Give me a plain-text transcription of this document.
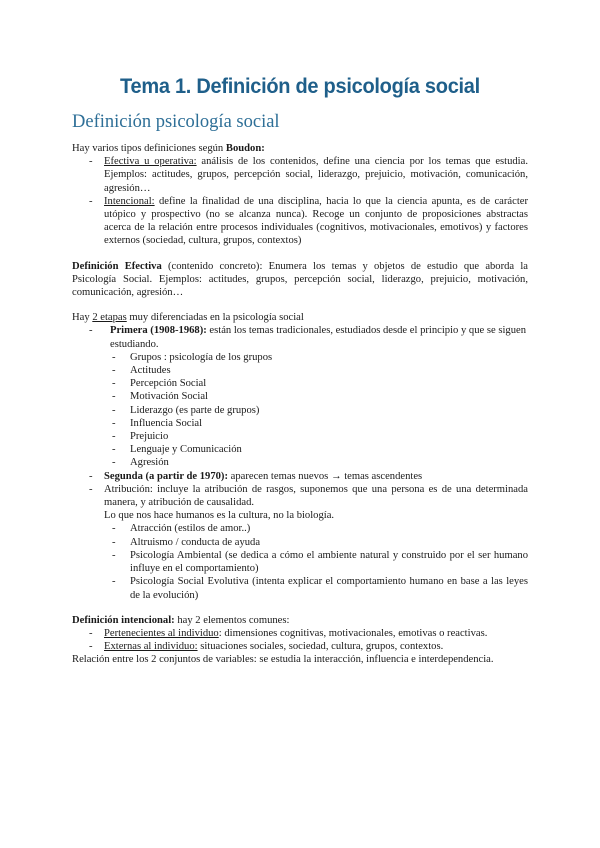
Tema 1. Definición de psicología social
Definición psicología social

Hay varios tipos definiciones según Boudon:

- Efectiva u operativa: análisis de los contenidos, define una ciencia por los temas que estudia. Ejemplos: actitudes, grupos, percepción social, liderazgo, prejuicio, motivación, comunicación, agresión…
- Intencional: define la finalidad de una disciplina, hacia lo que la ciencia apunta, es de carácter utópico y prospectivo (no se alcanza nunca). Recoge un conjunto de proposiciones abstractas acerca de la relación entre procesos individuales (cognitivos, motivacionales, emotivos) y factores externos (sociedad, cultura, grupos, contextos)

Definición Efectiva (contenido concreto): Enumera los temas y objetos de estudio que aborda la Psicología Social. Ejemplos: actitudes, grupos, percepción social, liderazgo, prejuicio, motivación, comunicación, agresión…

Hay 2 etapas muy diferenciadas en la psicología social

- Primera (1908-1968): están los temas tradicionales, estudiados desde el principio y que se siguen estudiando.
- Grupos : psicología de los grupos
- Actitudes
- Percepción Social
- Motivación Social
- Liderazgo (es parte de grupos)
- Influencia Social
- Prejuicio
- Lenguaje y Comunicación
- Agresión
- Segunda (a partir de 1970): aparecen temas nuevos → temas ascendentes
- Atribución: incluye la atribución de rasgos, suponemos que una persona es de una determinada manera, y atribución de causalidad.

Lo que nos hace humanos es la cultura, no la biología.

- Atracción (estilos de amor..)
- Altruismo / conducta de ayuda
- Psicología Ambiental (se dedica a cómo el ambiente natural y construido por el ser humano influye en el comportamiento)
- Psicología Social Evolutiva (intenta explicar el comportamiento humano en base a las leyes de la evolución)

Definición intencional: hay 2 elementos comunes:

- Pertenecientes al individuo: dimensiones cognitivas, motivacionales, emotivas o reactivas.
- Externas al individuo: situaciones sociales, sociedad, cultura, grupos, contextos.

Relación entre los 2 conjuntos de variables: se estudia la interacción, influencia e interdependencia.
